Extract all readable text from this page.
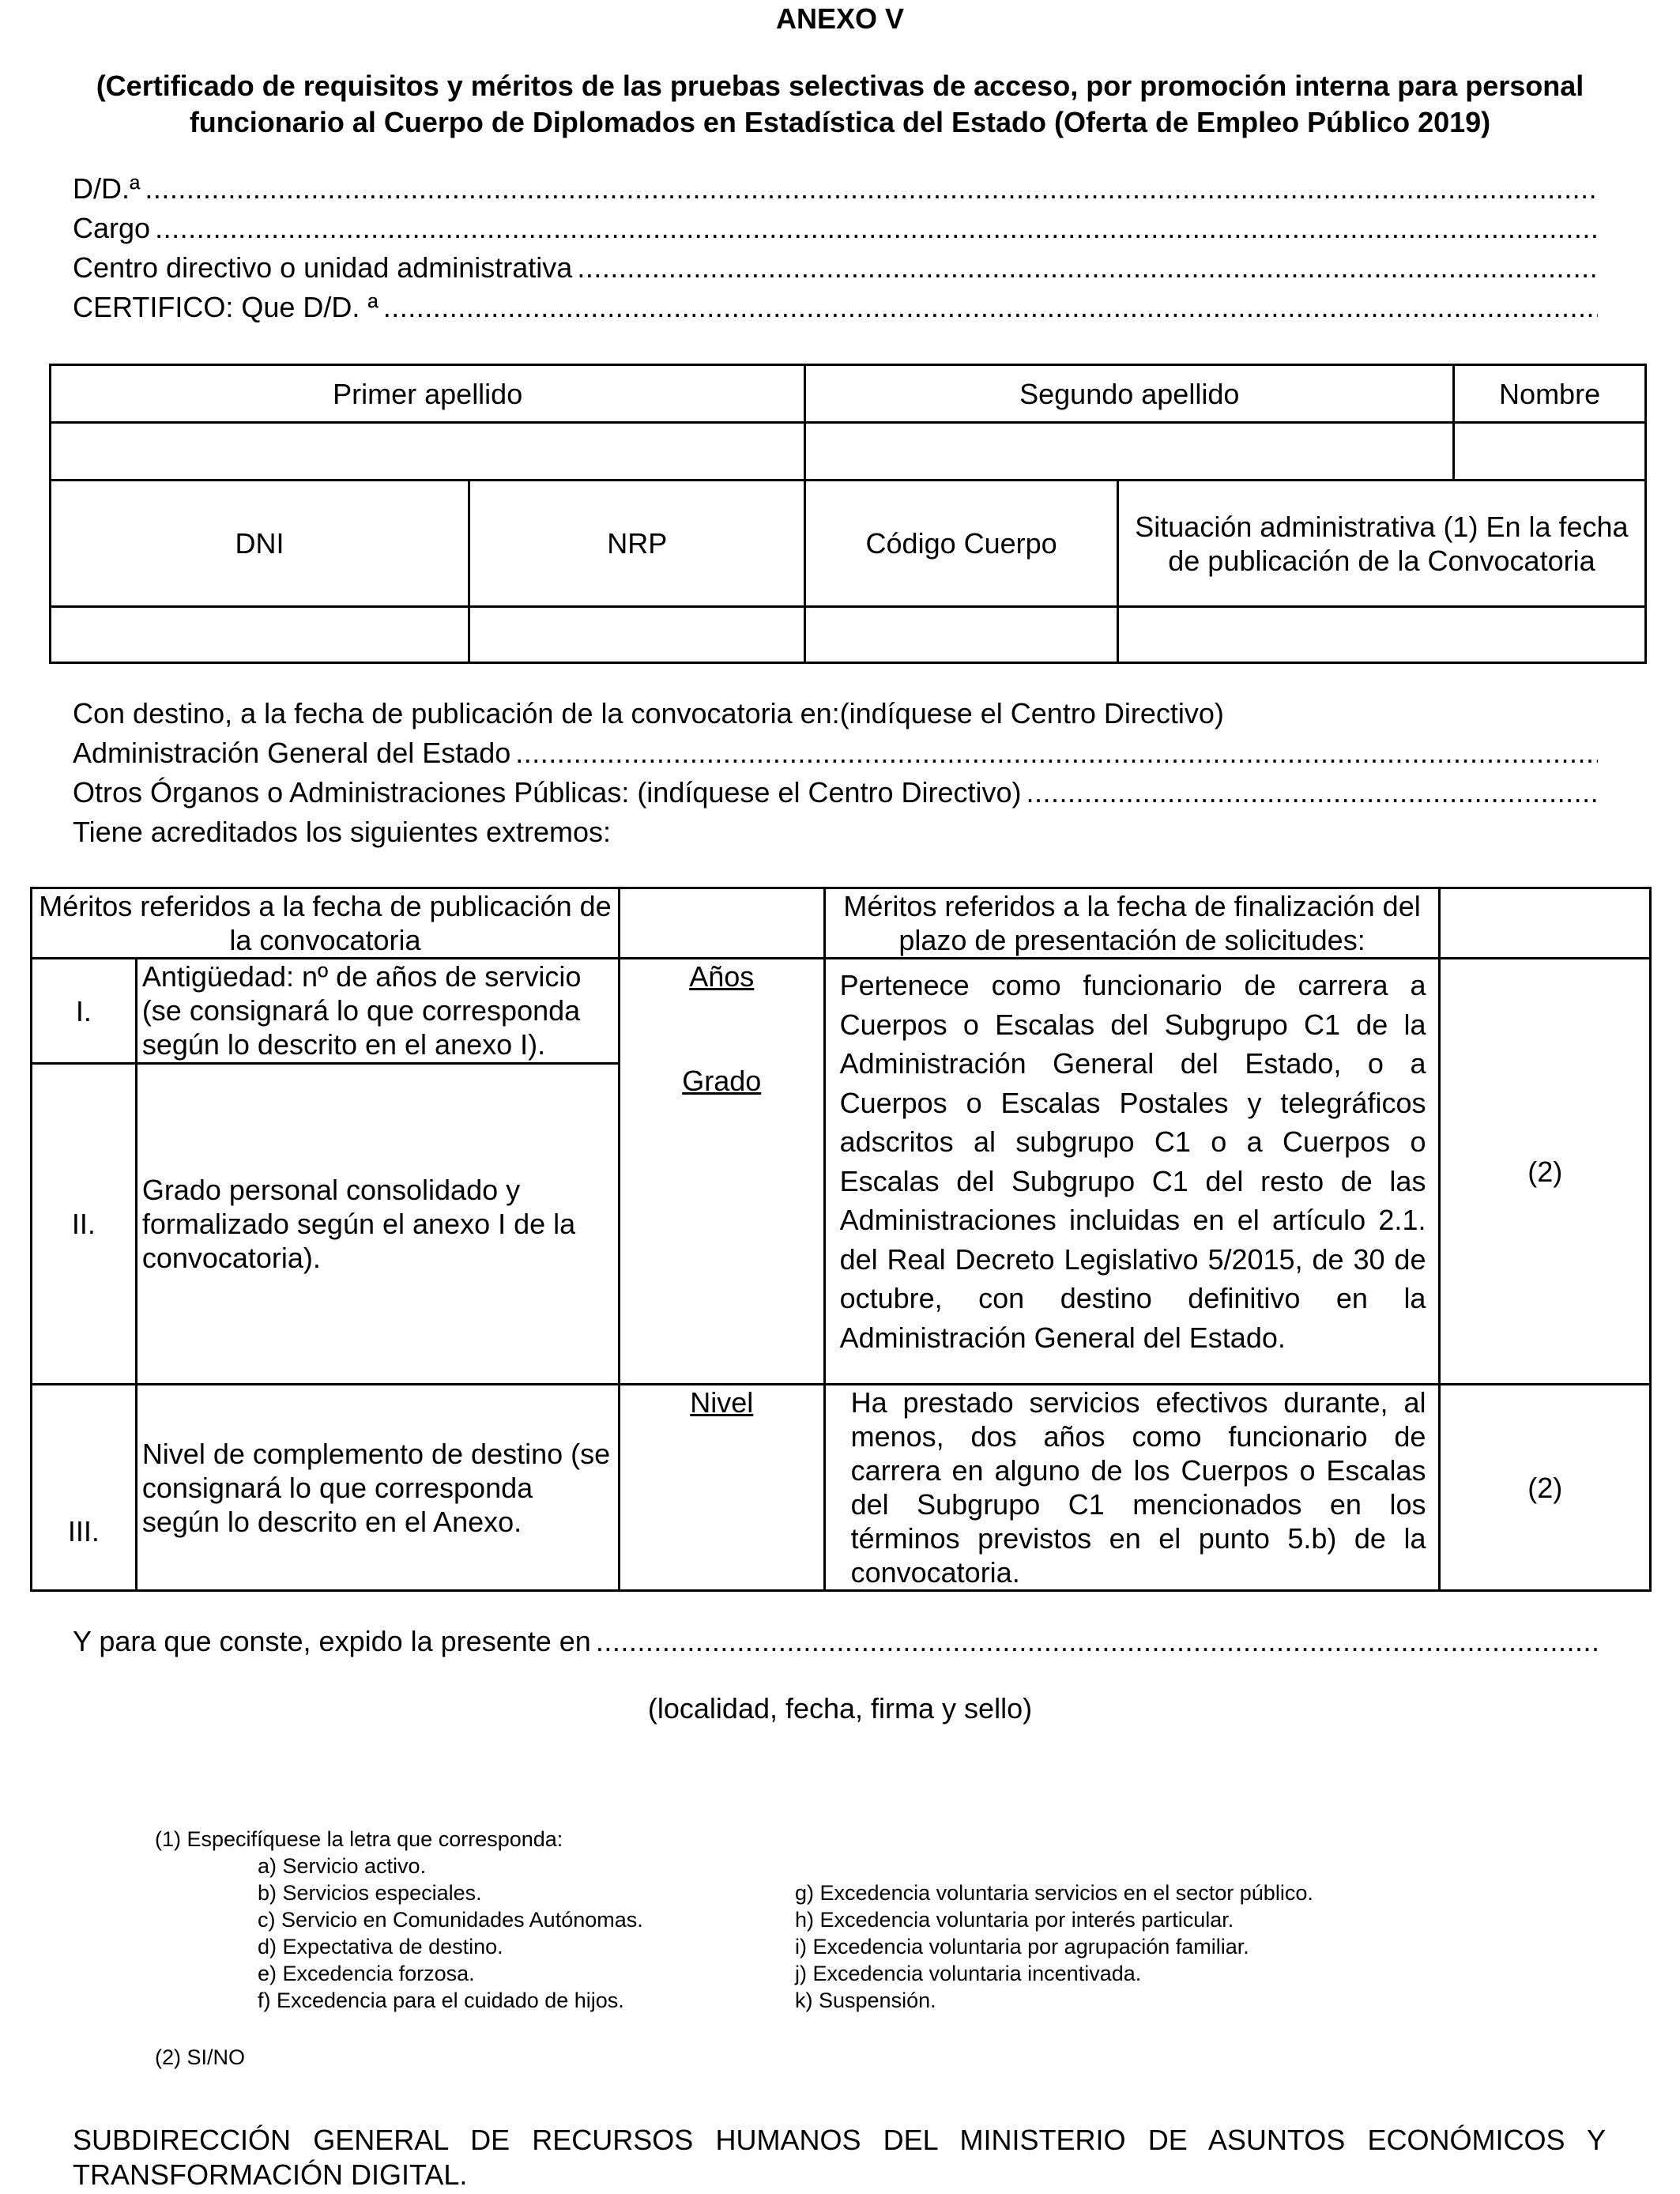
ANEXO V
(Certificado de requisitos y méritos de las pruebas selectivas de acceso, por promoción interna para personal funcionario al Cuerpo de Diplomados en Estadística del Estado (Oferta de Empleo Público 2019)
D/D.ª
.....
Cargo
.....
Centro directivo o unidad administrativa
.....
CERTIFICO: Que D/D. ª
.....
Primer apellido		Segundo apellido		Nombre

DNI	NRP	Código Cuerpo	Situación administrativa (1) En la fecha de publicación de la Convocatoria	

Con destino, a la fecha de publicación de la convocatoria en:(indíquese el Centro Directivo)
Administración General del Estado
.....
Otros Órganos o Administraciones Públicas: (indíquese el Centro Directivo)
.....
Tiene acreditados los siguientes extremos:
Méritos referidos a la fecha de publicación de la convocatoria			Méritos referidos a la fecha de finalización del plazo de presentación de solicitudes:	
I.	Antigüedad: nº de años de servicio (se consignará lo que corresponda según lo descrito en el anexo I).	Años	Pertenece como funcionario de carrera a Cuerpos o Escalas del Subgrupo C1 de la Administración General del Estado, o a Cuerpos o Escalas Postales y telegráficos adscritos al subgrupo C1 o a Cuerpos o Escalas del Subgrupo C1 del resto de las Administraciones incluidas en el artículo 2.1. del Real Decreto Legislativo 5/2015, de 30 de octubre, con destino definitivo en la Administración General del Estado.	(2)
II.	Grado personal consolidado y formalizado según el anexo I de la convocatoria).	Grado		
III.	Nivel de complemento de destino (se consignará lo que corresponda según lo descrito en el Anexo.	Nivel	Ha prestado servicios efectivos durante, al menos, dos años como funcionario de carrera en alguno de los Cuerpos o Escalas del Subgrupo C1 mencionados en los términos previstos en el punto 5.b) de la convocatoria.	(2)
Y para que conste, expido la presente en
.....
(localidad, fecha, firma y sello)
(1) Especifíquese la letra que corresponda:
a) Servicio activo.
b) Servicios especiales.
c) Servicio en Comunidades Autónomas.
d) Expectativa de destino.
e) Excedencia forzosa.
f) Excedencia para el cuidado de hijos.
g) Excedencia voluntaria servicios en el sector público.
h) Excedencia voluntaria por interés particular.
i) Excedencia voluntaria por agrupación familiar.
j) Excedencia voluntaria incentivada.
k) Suspensión.
(2) SI/NO
SUBDIRECCIÓN GENERAL DE RECURSOS HUMANOS DEL MINISTERIO DE ASUNTOS ECONÓMICOS Y TRANSFORMACIÓN DIGITAL.
